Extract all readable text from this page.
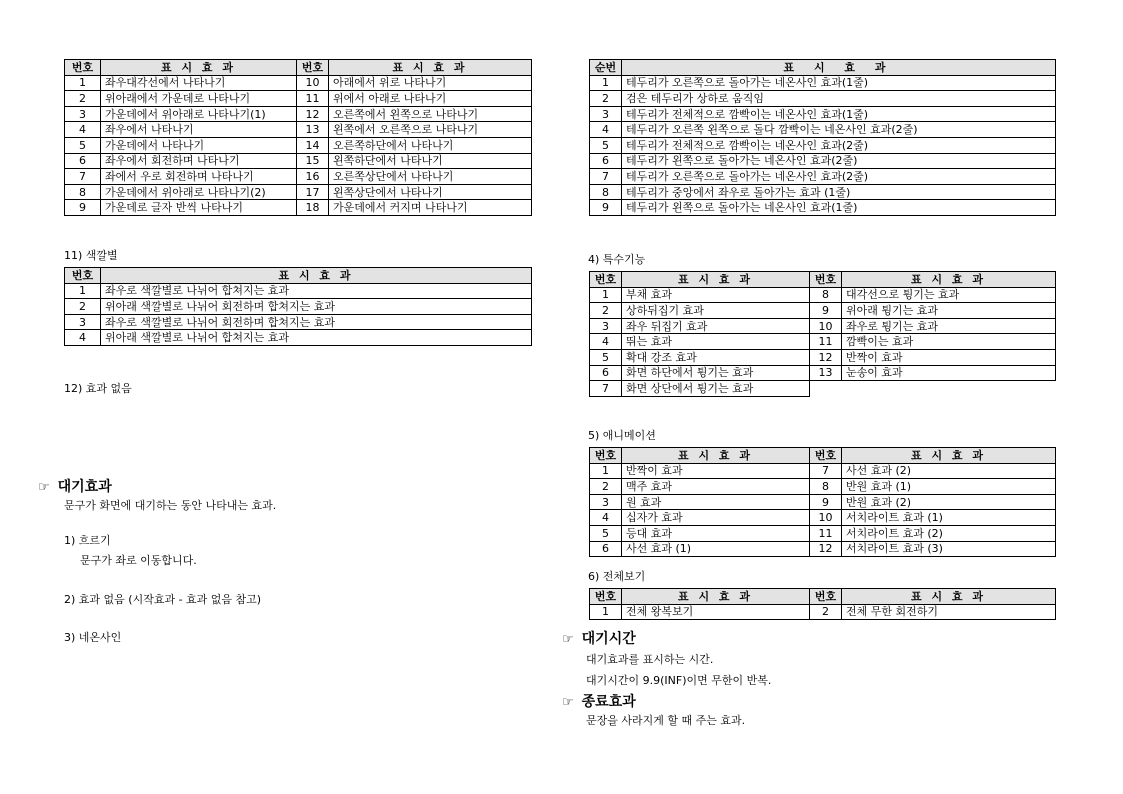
번호	표 시 효 과	번호	표 시 효 과
1	좌우대각선에서 나타나기	10	아래에서 위로 나타나기
2	위아래에서 가운데로 나타나기	11	위에서 아래로 나타나기
3	가운데에서 위아래로 나타나기(1)	12	오른쪽에서 왼쪽으로 나타나기
4	좌우에서 나타나기	13	왼쪽에서 오른쪽으로 나타나기
5	가운데에서 나타나기	14	오른쪽하단에서 나타나기
6	좌우에서 회전하며 나타나기	15	왼쪽하단에서 나타나기
7	좌에서 우로 회전하며 나타나기	16	오른쪽상단에서 나타나기
8	가운데에서 위아래로 나타나기(2)	17	왼쪽상단에서 나타나기
9	가운데로 글자 반씩 나타나기	18	가운데에서 커지며 나타나기
11) 색깔별
번호	표 시 효 과
1	좌우로 색깔별로 나뉘어 합쳐지는 효과
2	위아래 색깔별로 나뉘어 회전하며 합쳐지는 효과
3	좌우로 색깔별로 나뉘어 회전하며 합쳐지는 효과
4	위아래 색깔별로 나뉘어 합쳐지는 효과
12) 효과 없음
☞ 대기효과
문구가 화면에 대기하는 동안 나타내는 효과.
1) 흐르기
문구가 좌로 이동합니다.
2) 효과 없음 (시작효과 - 효과 없음 참고)
3) 네온사인
순번	표 시 효 과
1	테두리가 오른쪽으로 돌아가는 네온사인 효과(1줄)
2	검은 테두리가 상하로 움직임
3	테두리가 전체적으로 깜빡이는 네온사인 효과(1줄)
4	테두리가 오른쪽 왼쪽으로 돌다 깜빡이는 네온사인 효과(2줄)
5	테두리가 전체적으로 깜빡이는 네온사인 효과(2줄)
6	테두리가 왼쪽으로 돌아가는 네온사인 효과(2줄)
7	테두리가 오른쪽으로 돌아가는 네온사인 효과(2줄)
8	테두리가 중앙에서 좌우로 돌아가는 효과 (1줄)
9	테두리가 왼쪽으로 돌아가는 네온사인 효과(1줄)
4) 특수기능
번호	표 시 효 과	번호	표 시 효 과
1	부채 효과	8	대각선으로 튕기는 효과
2	상하뒤집기 효과	9	위아래 튕기는 효과
3	좌우 뒤집기 효과	10	좌우로 튕기는 효과
4	뛰는 효과	11	깜빡이는 효과
5	확대 강조 효과	12	반짝이 효과
6	화면 하단에서 튕기는 효과	13	눈송이 효과
7	화면 상단에서 튕기는 효과		
5) 애니메이션
번호	표 시 효 과	번호	표 시 효 과
1	반짝이 효과	7	사선 효과 (2)
2	맥주 효과	8	반원 효과 (1)
3	원 효과	9	반원 효과 (2)
4	십자가 효과	10	서치라이트 효과 (1)
5	등대 효과	11	서치라이트 효과 (2)
6	사선 효과 (1)	12	서치라이트 효과 (3)
6) 전체보기
번호	표 시 효 과	번호	표 시 효 과
1	전체 왕복보기	2	전체 무한 회전하기
☞ 대기시간
대기효과를 표시하는 시간.
대기시간이 9.9(INF)이면 무한이 반복.
☞ 종료효과
문장을 사라지게 할 때 주는 효과.
